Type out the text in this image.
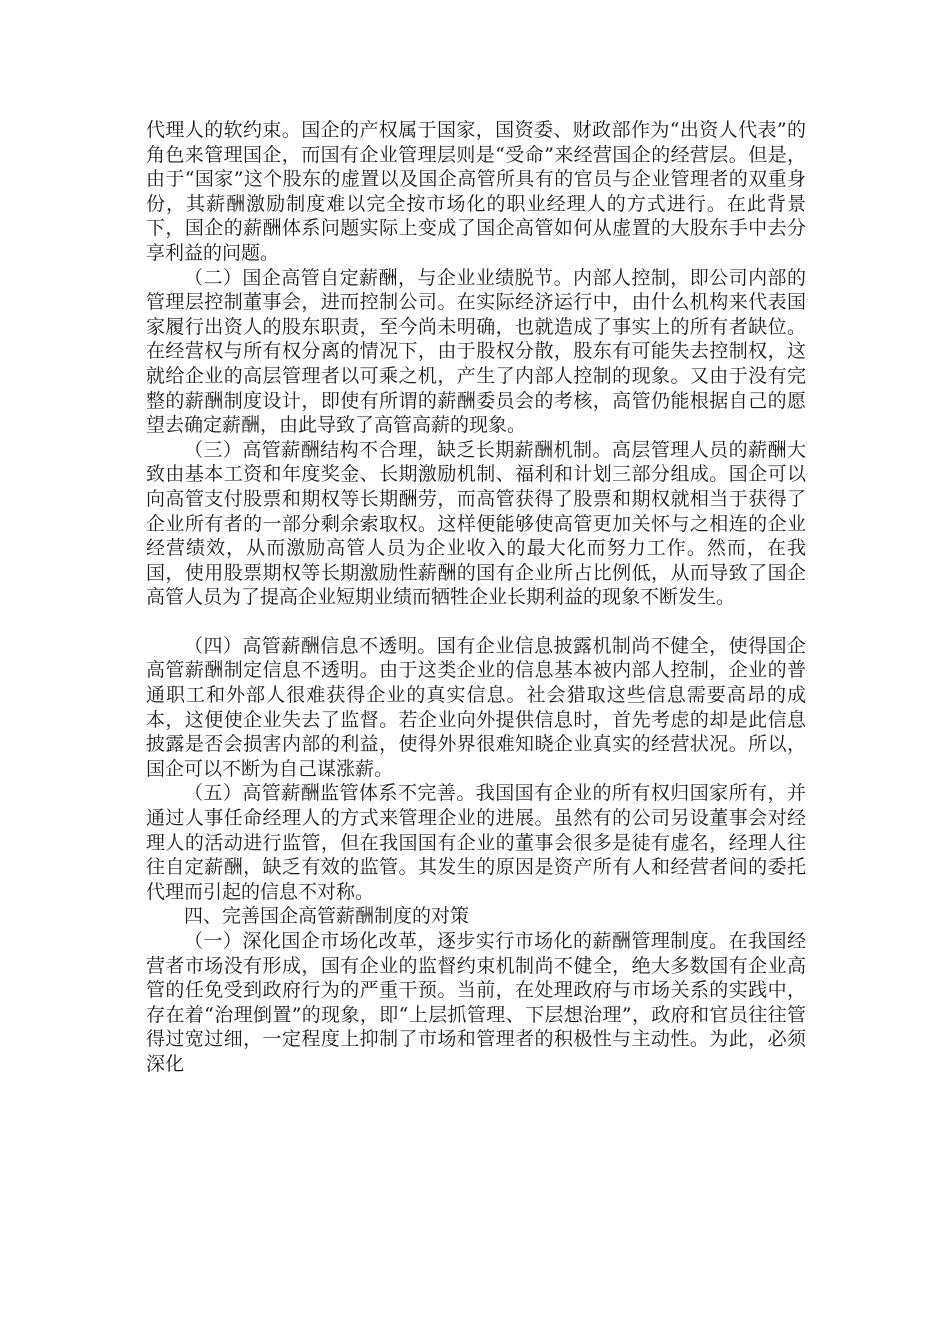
代理人的软约束。国企的产权属于国家，国资委、财政部作为“出资人代表”的角色来管理国企，而国有企业管理层则是“受命”来经营国企的经营层。但是，由于“国家”这个股东的虚置以及国企高管所具有的官员与企业管理者的双重身份，其薪酬激励制度难以完全按市场化的职业经理人的方式进行。在此背景下，国企的薪酬体系问题实际上变成了国企高管如何从虚置的大股东手中去分享利益的问题。

（二）国企高管自定薪酬，与企业业绩脱节。内部人控制，即公司内部的管理层控制董事会，进而控制公司。在实际经济运行中，由什么机构来代表国家履行出资人的股东职责，至今尚未明确，也就造成了事实上的所有者缺位。在经营权与所有权分离的情况下，由于股权分散，股东有可能失去控制权，这就给企业的高层管理者以可乘之机，产生了内部人控制的现象。又由于没有完整的薪酬制度设计，即使有所谓的薪酬委员会的考核，高管仍能根据自己的愿望去确定薪酬，由此导致了高管高薪的现象。

（三）高管薪酬结构不合理，缺乏长期薪酬机制。高层管理人员的薪酬大致由基本工资和年度奖金、长期激励机制、福利和计划三部分组成。国企可以向高管支付股票和期权等长期酬劳，而高管获得了股票和期权就相当于获得了企业所有者的一部分剩余索取权。这样便能够使高管更加关怀与之相连的企业经营绩效，从而激励高管人员为企业收入的最大化而努力工作。然而，在我国，使用股票期权等长期激励性薪酬的国有企业所占比例低，从而导致了国企高管人员为了提高企业短期业绩而牺牲企业长期利益的现象不断发生。

（四）高管薪酬信息不透明。国有企业信息披露机制尚不健全，使得国企高管薪酬制定信息不透明。由于这类企业的信息基本被内部人控制，企业的普通职工和外部人很难获得企业的真实信息。社会猎取这些信息需要高昂的成本，这便使企业失去了监督。若企业向外提供信息时，首先考虑的却是此信息披露是否会损害内部的利益，使得外界很难知晓企业真实的经营状况。所以，国企可以不断为自己谋涨薪。

（五）高管薪酬监管体系不完善。我国国有企业的所有权归国家所有，并通过人事任命经理人的方式来管理企业的进展。虽然有的公司另设董事会对经理人的活动进行监管，但在我国国有企业的董事会很多是徒有虚名，经理人往往自定薪酬，缺乏有效的监管。其发生的原因是资产所有人和经营者间的委托代理而引起的信息不对称。

四、完善国企高管薪酬制度的对策

（一）深化国企市场化改革，逐步实行市场化的薪酬管理制度。在我国经营者市场没有形成，国有企业的监督约束机制尚不健全，绝大多数国有企业高管的任免受到政府行为的严重干预。当前，在处理政府与市场关系的实践中，存在着“治理倒置”的现象，即“上层抓管理、下层想治理”，政府和官员往往管得过宽过细，一定程度上抑制了市场和管理者的积极性与主动性。为此，必须深化
